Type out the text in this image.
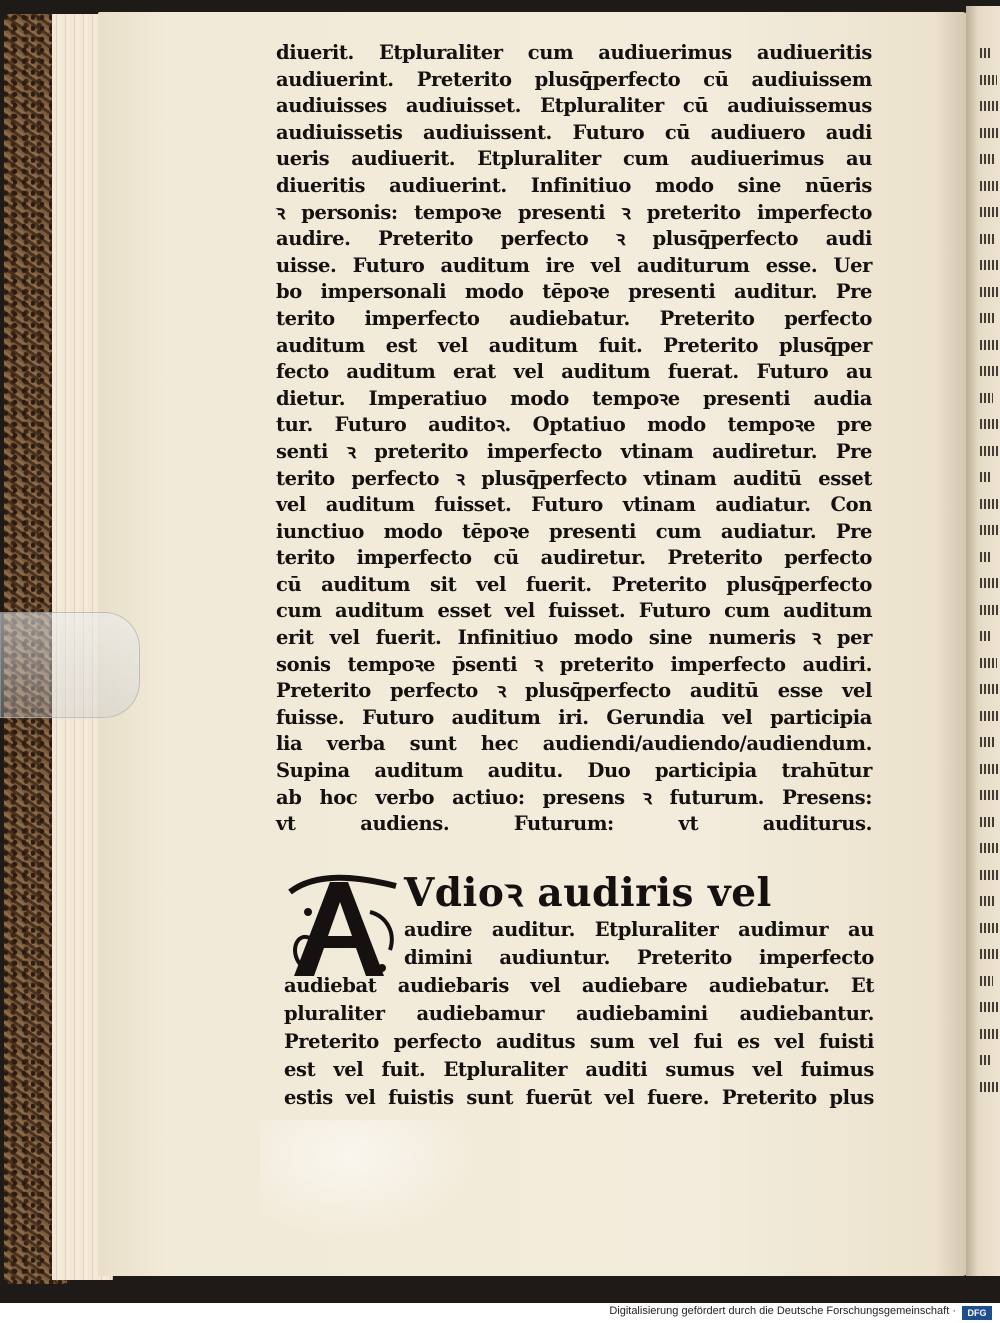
diuerit. Etpluraliter cum audiuerimus audiueritis
audiuerint. Preterito plusq̄perfecto cū audiuissem
audiuisses audiuisset. Etpluraliter cū audiuissemus
audiuissetis audiuissent. Futuro cū audiuero audi
ueris audiuerit. Etpluraliter cum audiuerimus au
diueritis audiuerint. Infinitiuo modo sine nūeris
ꝛ personis: tempoꝛe presenti ꝛ preterito imperfecto
audire. Preterito perfecto ꝛ plusq̄perfecto audi
uisse. Futuro auditum ire vel auditurum esse. Uer
bo impersonali modo tēpoꝛe presenti auditur. Pre
terito imperfecto audiebatur. Preterito perfecto
auditum est vel auditum fuit. Preterito plusq̄per
fecto auditum erat vel auditum fuerat. Futuro au
dietur. Imperatiuo modo tempoꝛe presenti audia
tur. Futuro auditoꝛ. Optatiuo modo tempoꝛe pre
senti ꝛ preterito imperfecto vtinam audiretur. Pre
terito perfecto ꝛ plusq̄perfecto vtinam auditū esset
vel auditum fuisset. Futuro vtinam audiatur. Con
iunctiuo modo tēpoꝛe presenti cum audiatur. Pre
terito imperfecto cū audiretur. Preterito perfecto
cū auditum sit vel fuerit. Preterito plusq̄perfecto
cum auditum esset vel fuisset. Futuro cum auditum
erit vel fuerit. Infinitiuo modo sine numeris ꝛ per
sonis tempoꝛe p̄senti ꝛ preterito imperfecto audiri.
Preterito perfecto ꝛ plusq̄perfecto auditū esse vel
fuisse. Futuro auditum iri. Gerundia vel participia
lia verba sunt hec audiendi/audiendo/audiendum.
Supina auditum auditu. Duo participia trahūtur
ab hoc verbo actiuo: presens ꝛ futurum. Presens:
vt audiens. Futurum: vt auditurus.
Vdioꝛ audiris vel
audire auditur. Etpluraliter audimur au
dimini audiuntur. Preterito imperfecto
audiebat audiebaris vel audiebare audiebatur. Et
pluraliter audiebamur audiebamini audiebantur.
Preterito perfecto auditus sum vel fui es vel fuisti
est vel fuit. Etpluraliter auditi sumus vel fuimus
estis vel fuistis sunt fuerūt vel fuere. Preterito plus
Digitalisierung gefördert durch die Deutsche Forschungsgemeinschaft ·	DFG
